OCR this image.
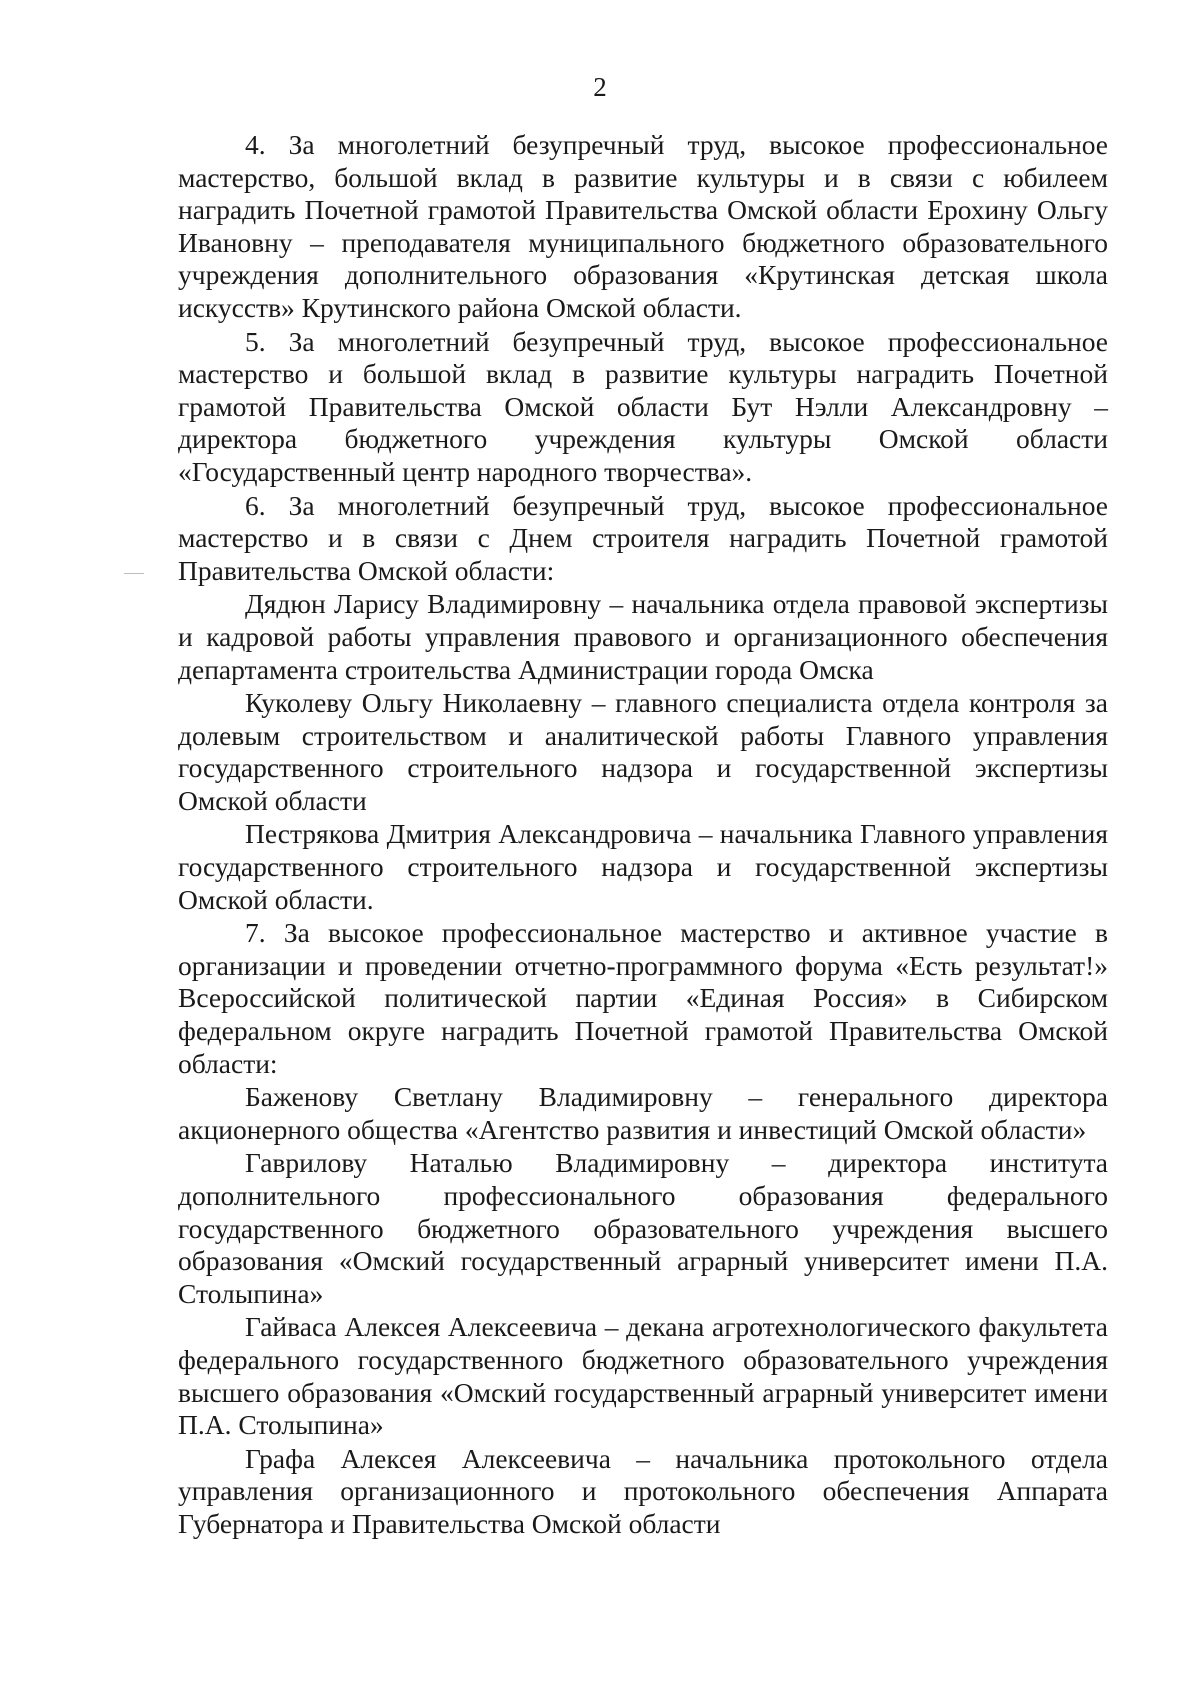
2

4. За многолетний безупречный труд, высокое профессиональное мастерство, большой вклад в развитие культуры и в связи с юбилеем наградить Почетной грамотой Правительства Омской области Ерохину Ольгу Ивановну – преподавателя муниципального бюджетного образовательного учреждения дополнительного образования «Крутинская детская школа искусств» Крутинского района Омской области.

5. За многолетний безупречный труд, высокое профессиональное мастерство и большой вклад в развитие культуры наградить Почетной грамотой Правительства Омской области Бут Нэлли Александровну – директора бюджетного учреждения культуры Омской области «Государственный центр народного творчества».

6. За многолетний безупречный труд, высокое профессиональное мастерство и в связи с Днем строителя наградить Почетной грамотой Правительства Омской области:

Дядюн Ларису Владимировну – начальника отдела правовой экспертизы и кадровой работы управления правового и организационного обеспечения департамента строительства Администрации города Омска

Куколеву Ольгу Николаевну – главного специалиста отдела контроля за долевым строительством и аналитической работы Главного управления государственного строительного надзора и государственной экспертизы Омской области

Пестрякова Дмитрия Александровича – начальника Главного управления государственного строительного надзора и государственной экспертизы Омской области.

7. За высокое профессиональное мастерство и активное участие в организации и проведении отчетно-программного форума «Есть результат!» Всероссийской политической партии «Единая Россия» в Сибирском федеральном округе наградить Почетной грамотой Правительства Омской области:

Баженову Светлану Владимировну – генерального директора акционерного общества «Агентство развития и инвестиций Омской области»

Гаврилову Наталью Владимировну – директора института дополнительного профессионального образования федерального государственного бюджетного образовательного учреждения высшего образования «Омский государственный аграрный университет имени П.А. Столыпина»

Гайваса Алексея Алексеевича – декана агротехнологического факультета федерального государственного бюджетного образовательного учреждения высшего образования «Омский государственный аграрный университет имени П.А. Столыпина»

Графа Алексея Алексеевича – начальника протокольного отдела управления организационного и протокольного обеспечения Аппарата Губернатора и Правительства Омской области
